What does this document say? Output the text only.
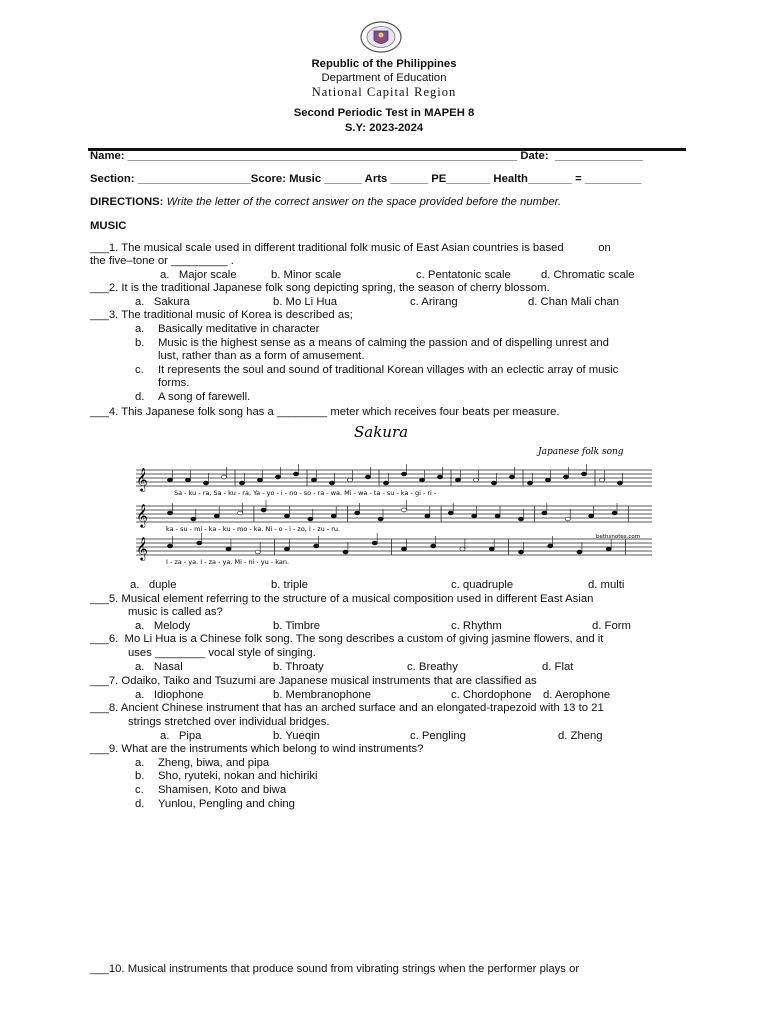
Republic of the Philippines
Department of Education
National Capital Region
Second Periodic Test in MAPEH 8
S.Y: 2023-2024
Name: ______________________________________________________________ Date:  ______________
Section: __________________Score: Music ______ Arts ______ PE_______ Health_______ = _________
DIRECTIONS: Write the letter of the correct answer on the space provided before the number.
MUSIC
___1. The musical scale used in different traditional folk music of East Asian countries is based           on
the five–tone or _________ .
a.   Major scale	b. Minor scale	c. Pentatonic scale	d. Chromatic scale
___2. It is the traditional Japanese folk song depicting spring, the season of cherry blossom.
a.   Sakura	b. Mo Li Hua	c. Arirang	d. Chan Mali chan
___3. The traditional music of Korea is described as;
a. Basically meditative in character
b. Music is the highest sense as a means of calming the passion and of dispelling unrest and
lust, rather than as a form of amusement.
c. It represents the soul and sound of traditional Korean villages with an eclectic array of music
forms.
d. A song of farewell.
___4. This Japanese folk song has a ________ meter which receives four beats per measure.
Sakura
Japanese folk song
𝄞
𝄞
𝄞
Sa - ku - ra, Sa - ku - ra, Ya - yo - i - no - so - ra - wa. Mi - wa - ta - su - ka - gi - ri -
ka - su - mi - ka - ku - mo - ka. Ni - o - i - zo, i - zu - ru.
I - za - ya. I - za - ya. Mi - ni - yu - kan.
bethsnotes.com
a.   duple	b. triple	c. quadruple	d. multi
___5. Musical element referring to the structure of a musical composition used in different East Asian
music is called as?
a.   Melody	b. Timbre	c. Rhythm	d. Form
___6.  Mo Li Hua is a Chinese folk song. The song describes a custom of giving jasmine flowers, and it
uses ________ vocal style of singing.
a.   Nasal	b. Throaty	c. Breathy	d. Flat
___7. Odaiko, Taiko and Tsuzumi are Japanese musical instruments that are classified as
a.   Idiophone	b. Membranophone	c. Chordophone d. Aerophone
___8. Ancient Chinese instrument that has an arched surface and an elongated-trapezoid with 13 to 21
strings stretched over individual bridges.
a.   Pipa	b. Yueqin	c. Pengling	d. Zheng
___9. What are the instruments which belong to wind instruments?
a. Zheng, biwa, and pipa
b. Sho, ryuteki, nokan and hichiriki
c. Shamisen, Koto and biwa
d. Yunlou, Pengling and ching
___10. Musical instruments that produce sound from vibrating strings when the performer plays or
